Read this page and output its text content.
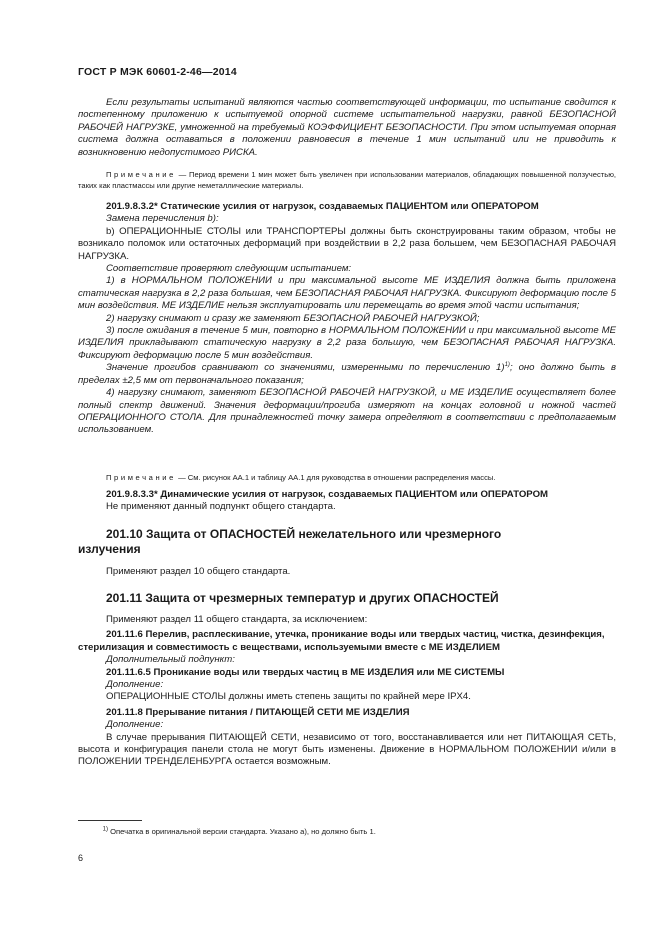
ГОСТ Р МЭК 60601-2-46—2014

Если результаты испытаний являются частью соответствующей информации, то испытание сводится к постепенному приложению к испытуемой опорной системе испытательной нагрузки, равной БЕЗОПАСНОЙ РАБОЧЕЙ НАГРУЗКЕ, умноженной на требуемый КОЭФФИЦИЕНТ БЕЗОПАСНОСТИ. При этом испытуемая опорная система должна оставаться в положении равновесия в течение 1 мин испытаний или не приводить к возникновению недопустимого РИСКА.

Примечание — Период времени 1 мин может быть увеличен при использовании материалов, обладающих повышенной ползучестью, таких как пластмассы или другие неметаллические материалы.

201.9.8.3.2* Статические усилия от нагрузок, создаваемых ПАЦИЕНТОМ или ОПЕРАТОРОМ

Замена перечисления b):

b) ОПЕРАЦИОННЫЕ СТОЛЫ или ТРАНСПОРТЕРЫ должны быть сконструированы таким образом, чтобы не возникало поломок или остаточных деформаций при воздействии в 2,2 раза большем, чем БЕЗОПАСНАЯ РАБОЧАЯ НАГРУЗКА.

Соответствие проверяют следующим испытанием:

1) в НОРМАЛЬНОМ ПОЛОЖЕНИИ и при максимальной высоте МЕ ИЗДЕЛИЯ должна быть приложена статическая нагрузка в 2,2 раза большая, чем БЕЗОПАСНАЯ РАБОЧАЯ НАГРУЗКА. Фиксируют деформацию после 5 мин воздействия. МЕ ИЗДЕЛИЕ нельзя эксплуатировать или перемещать во время этой части испытания;

2) нагрузку снимают и сразу же заменяют БЕЗОПАСНОЙ РАБОЧЕЙ НАГРУЗКОЙ;

3) после ожидания в течение 5 мин, повторно в НОРМАЛЬНОМ ПОЛОЖЕНИИ и при максимальной высоте МЕ ИЗДЕЛИЯ прикладывают статическую нагрузку в 2,2 раза большую, чем БЕЗОПАСНАЯ РАБОЧАЯ НАГРУЗКА. Фиксируют деформацию после 5 мин воздействия.

Значение прогибов сравнивают со значениями, измеренными по перечислению 1)$^{1)}$; оно должно быть в пределах ±2,5 мм от первоначального показания;

4) нагрузку снимают, заменяют БЕЗОПАСНОЙ РАБОЧЕЙ НАГРУЗКОЙ, и МЕ ИЗДЕЛИЕ осуществляет более полный спектр движений. Значения деформации/прогиба измеряют на концах головной и ножной частей ОПЕРАЦИОННОГО СТОЛА. Для принадлежностей точку замера определяют в соответствии с предполагаемым использованием.

Примечание — См. рисунок АА.1 и таблицу АА.1 для руководства в отношении распределения массы.

201.9.8.3.3* Динамические усилия от нагрузок, создаваемых ПАЦИЕНТОМ или ОПЕРАТОРОМ

Не применяют данный подпункт общего стандарта.

201.10 Защита от ОПАСНОСТЕЙ нежелательного или чрезмерного излучения

Применяют раздел 10 общего стандарта.

201.11 Защита от чрезмерных температур и других ОПАСНОСТЕЙ

Применяют раздел 11 общего стандарта, за исключением:

201.11.6 Перелив, расплескивание, утечка, проникание воды или твердых частиц, чистка, дезинфекция, стерилизация и совместимость с веществами, используемыми вместе с МЕ ИЗДЕЛИЕМ

Дополнительный подпункт:

201.11.6.5 Проникание воды или твердых частиц в МЕ ИЗДЕЛИЯ или МЕ СИСТЕМЫ

Дополнение:

ОПЕРАЦИОННЫЕ СТОЛЫ должны иметь степень защиты по крайней мере IPX4.

201.11.8 Прерывание питания / ПИТАЮЩЕЙ СЕТИ МЕ ИЗДЕЛИЯ

Дополнение:

В случае прерывания ПИТАЮЩЕЙ СЕТИ, независимо от того, восстанавливается или нет ПИТАЮЩАЯ СЕТЬ, высота и конфигурация панели стола не могут быть изменены. Движение в НОРМАЛЬНОМ ПОЛОЖЕНИИ и/или в ПОЛОЖЕНИИ ТРЕНДЕЛЕНБУРГА остается возможным.

$^{1)}$ Опечатка в оригинальной версии стандарта. Указано а), но должно быть 1.
6
